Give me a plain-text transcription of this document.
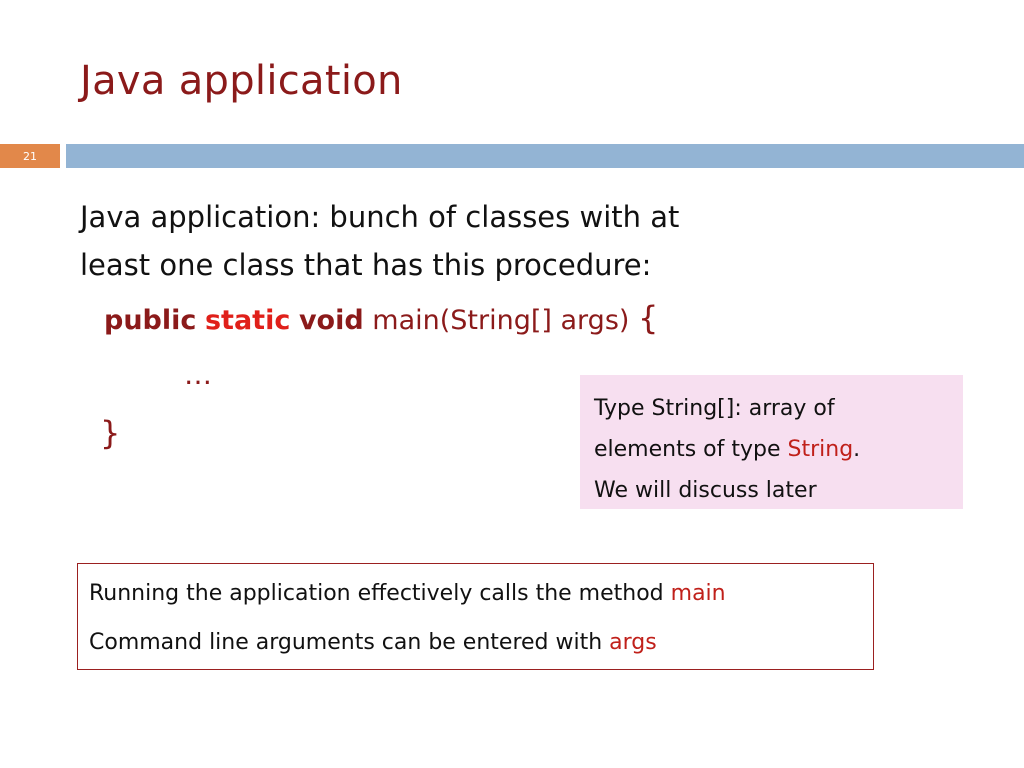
Java application
21
Java application: bunch of classes with at
least one class that has this procedure:
public static void main(String[] args) {
…
}
Type String[]: array of
elements of type String.
We will discuss later
Running the application effectively calls the method main
Command line arguments can be entered with args
